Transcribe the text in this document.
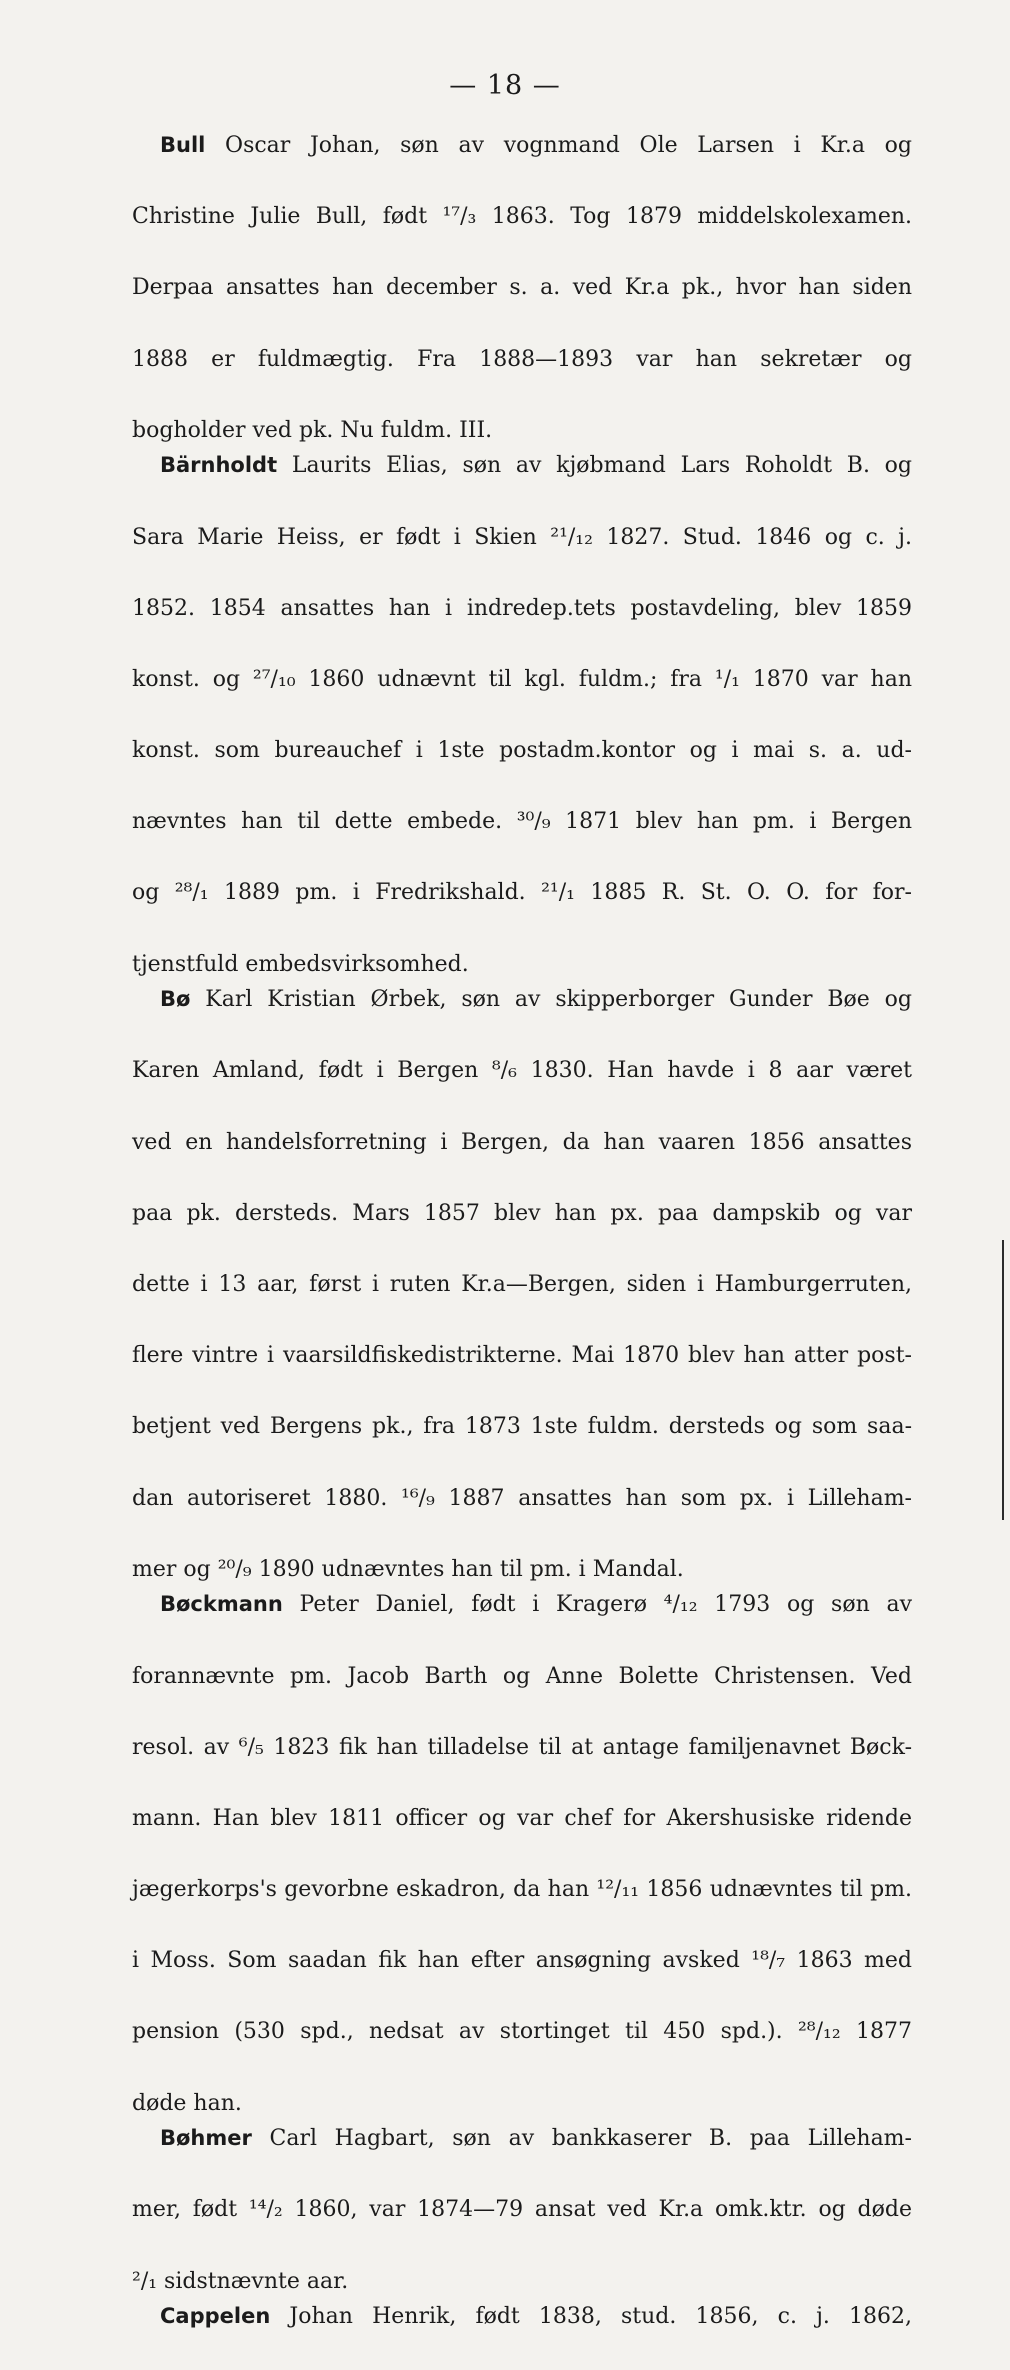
— 18 —

Bull Oscar Johan, søn av vognmand Ole Larsen i Kr.a og

Christine Julie Bull, født ¹⁷/₃ 1863. Tog 1879 middelskolexamen.

Derpaa ansattes han december s. a. ved Kr.a pk., hvor han siden

1888 er fuldmægtig. Fra 1888—1893 var han sekretær og

bogholder ved pk. Nu fuldm. III.

Bärnholdt Laurits Elias, søn av kjøbmand Lars Roholdt B. og

Sara Marie Heiss, er født i Skien ²¹/₁₂ 1827. Stud. 1846 og c. j.

1852. 1854 ansattes han i indredep.tets postavdeling, blev 1859

konst. og ²⁷/₁₀ 1860 udnævnt til kgl. fuldm.; fra ¹/₁ 1870 var han

konst. som bureauchef i 1ste postadm.kontor og i mai s. a. ud-

nævntes han til dette embede. ³⁰/₉ 1871 blev han pm. i Bergen

og ²⁸/₁ 1889 pm. i Fredrikshald. ²¹/₁ 1885 R. St. O. O. for for-

tjenstfuld embedsvirksomhed.

Bø Karl Kristian Ørbek, søn av skipperborger Gunder Bøe og

Karen Amland, født i Bergen ⁸/₆ 1830. Han havde i 8 aar været

ved en handelsforretning i Bergen, da han vaaren 1856 ansattes

paa pk. dersteds. Mars 1857 blev han px. paa dampskib og var

dette i 13 aar, først i ruten Kr.a—Bergen, siden i Hamburgerruten,

flere vintre i vaarsildfiskedistrikterne. Mai 1870 blev han atter post-

betjent ved Bergens pk., fra 1873 1ste fuldm. dersteds og som saa-

dan autoriseret 1880. ¹⁶/₉ 1887 ansattes han som px. i Lilleham-

mer og ²⁰/₉ 1890 udnævntes han til pm. i Mandal.

Bøckmann Peter Daniel, født i Kragerø ⁴/₁₂ 1793 og søn av

forannævnte pm. Jacob Barth og Anne Bolette Christensen. Ved

resol. av ⁶/₅ 1823 fik han tilladelse til at antage familjenavnet Bøck-

mann. Han blev 1811 officer og var chef for Akershusiske ridende

jægerkorps's gevorbne eskadron, da han ¹²/₁₁ 1856 udnævntes til pm.

i Moss. Som saadan fik han efter ansøgning avsked ¹⁸/₇ 1863 med

pension (530 spd., nedsat av stortinget til 450 spd.). ²⁸/₁₂ 1877

døde han.

Bøhmer Carl Hagbart, søn av bankkaserer B. paa Lilleham-

mer, født ¹⁴/₂ 1860, var 1874—79 ansat ved Kr.a omk.ktr. og døde

²/₁ sidstnævnte aar.

Cappelen Johan Henrik, født 1838, stud. 1856, c. j. 1862,
